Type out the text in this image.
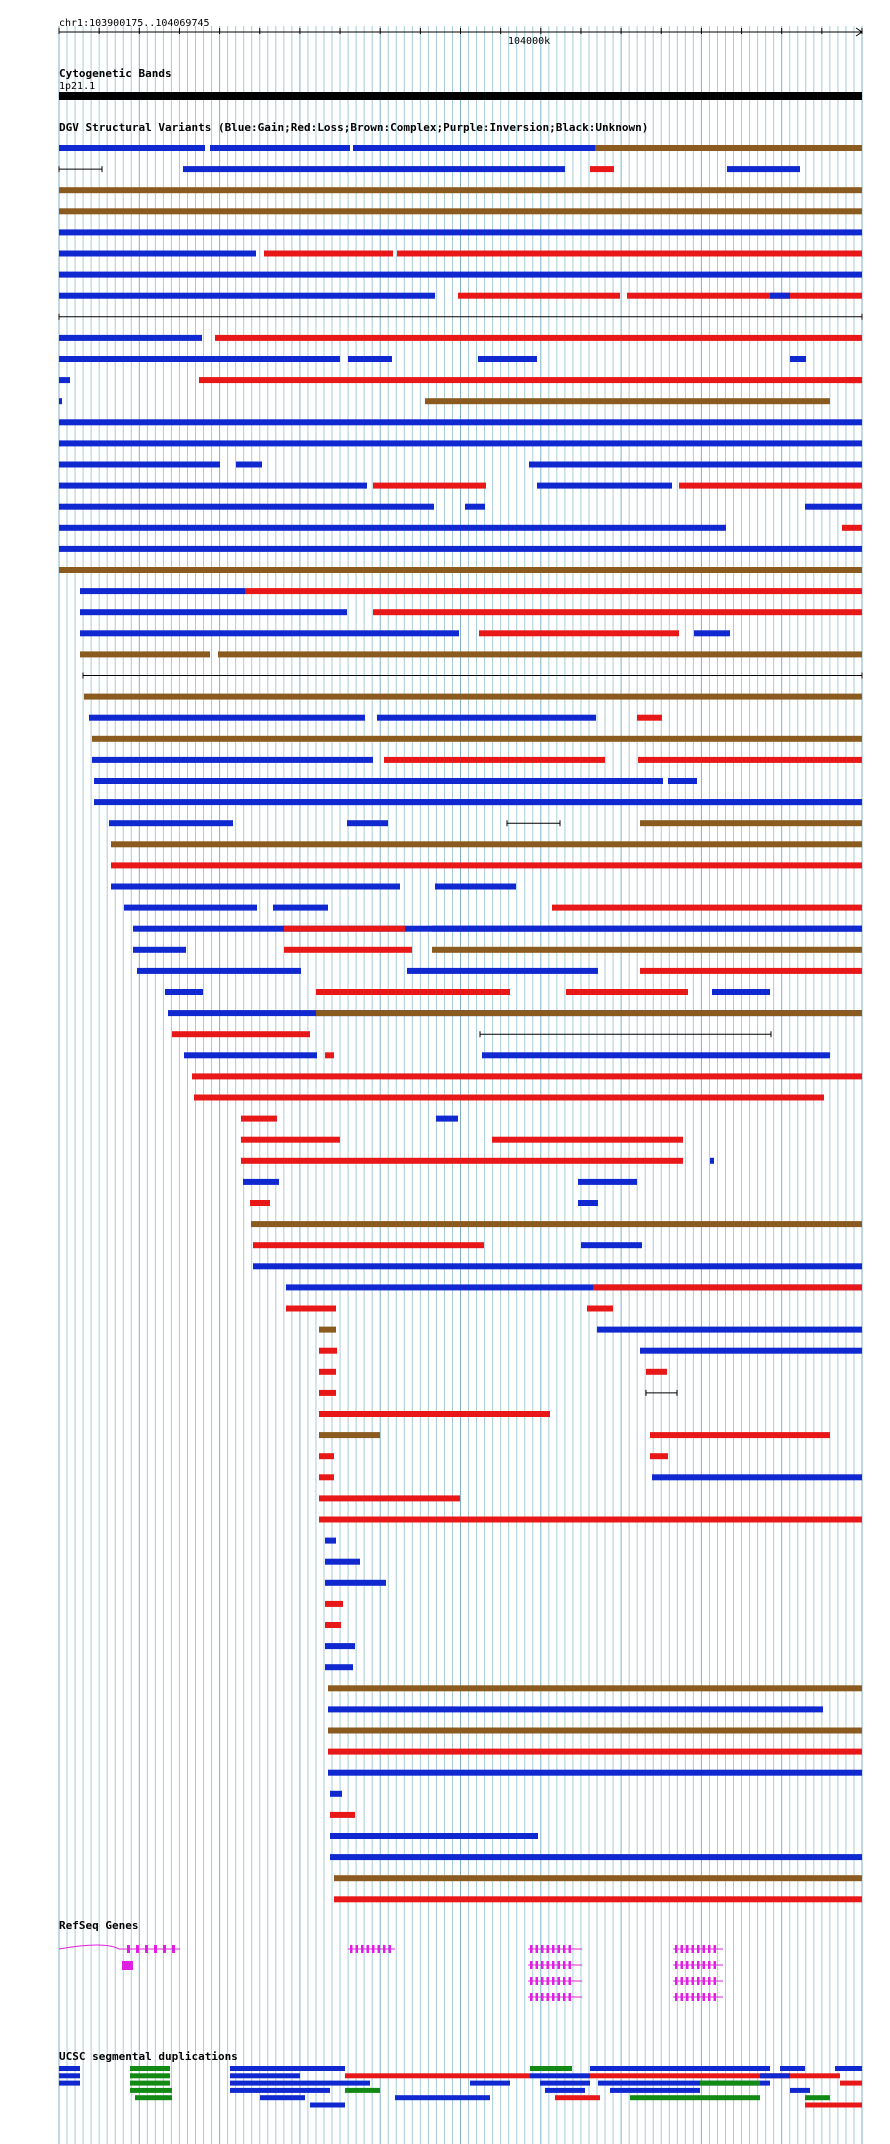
chr1:103900175..104069745
104000k
Cytogenetic Bands
1p21.1
DGV Structural Variants (Blue:Gain;Red:Loss;Brown:Complex;Purple:Inversion;Black:Unknown)
RefSeq Genes
UCSC segmental duplications
